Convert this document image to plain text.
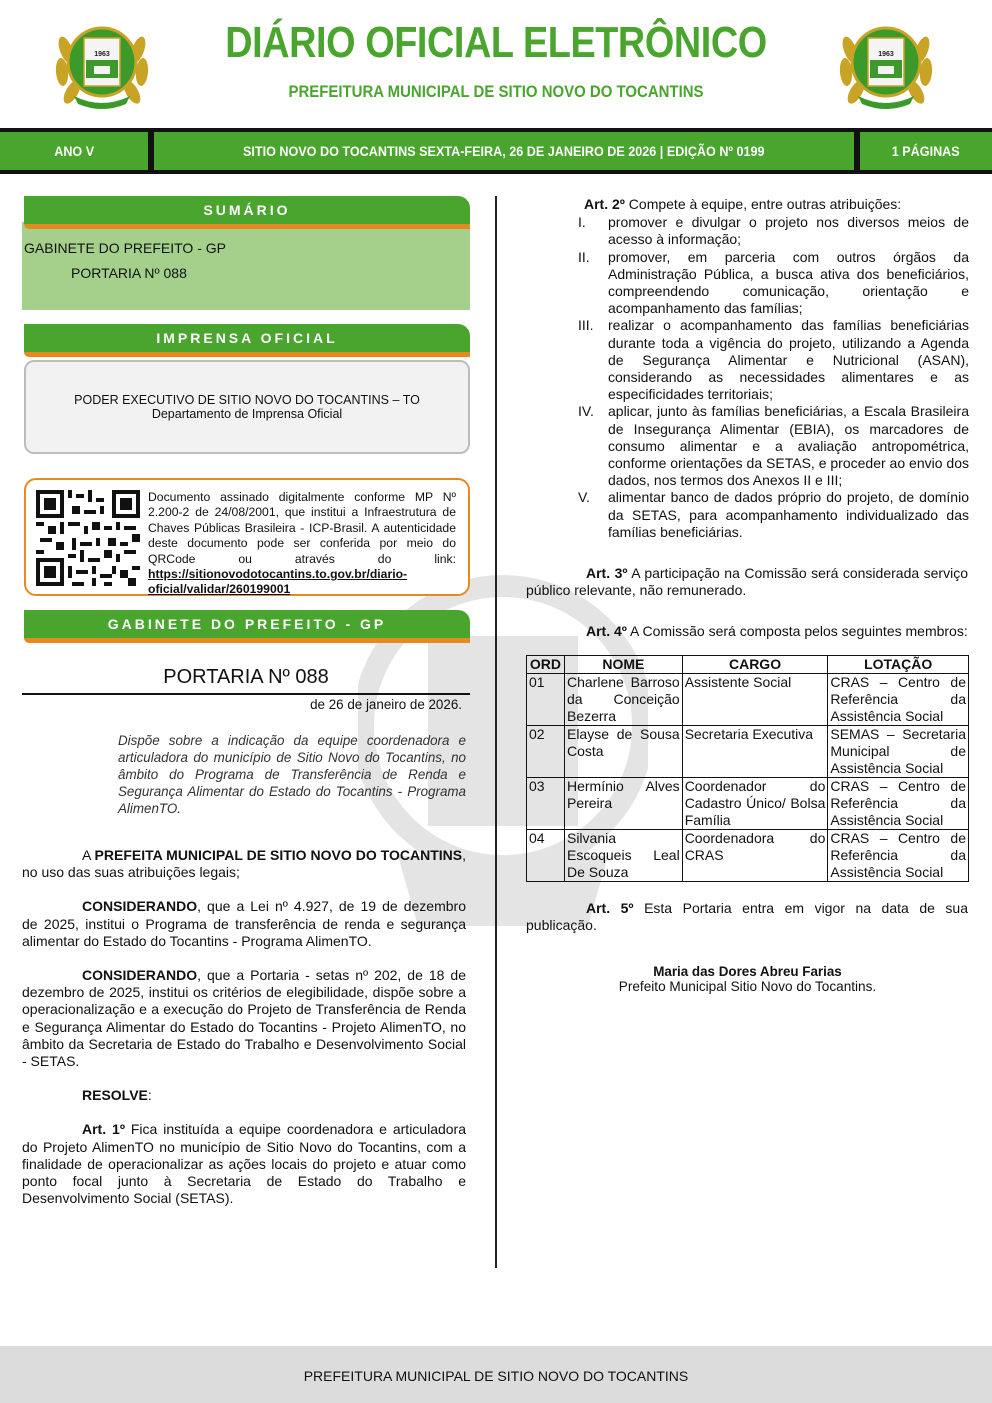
1963	1963
DIÁRIO OFICIAL ELETRÔNICO
PREFEITURA MUNICIPAL DE SITIO NOVO DO TOCANTINS
ANO V	SITIO NOVO DO TOCANTINS SEXTA-FEIRA, 26 DE JANEIRO DE 2026 | EDIÇÃO Nº 0199	1 PÁGINAS
SUMÁRIO
GABINETE DO PREFEITO - GP
PORTARIA Nº 088
IMPRENSA OFICIAL
PODER EXECUTIVO DE SITIO NOVO DO TOCANTINS – TO
Departamento de Imprensa Oficial
Documento assinado digitalmente conforme MP Nº 2.200-2 de 24/08/2001, que institui a Infraestrutura de Chaves Públicas Brasileira - ICP-Brasil. A autenticidade deste documento pode ser conferida por meio do QRCode ou através do link: https://sitionovodotocantins.to.gov.br/diario-oficial/validar/260199001
GABINETE DO PREFEITO - GP
PORTARIA Nº 088
de 26 de janeiro de 2026.
Dispõe sobre a indicação da equipe coordenadora e articuladora do município de Sitio Novo do Tocantins, no âmbito do Programa de Transferência de Renda e Segurança Alimentar do Estado do Tocantins - Programa AlimenTO.

A PREFEITA MUNICIPAL DE SITIO NOVO DO TOCANTINS, no uso das suas atribuições legais;

CONSIDERANDO, que a Lei nº 4.927, de 19 de dezembro de 2025, institui o Programa de transferência de renda e segurança alimentar do Estado do Tocantins - Programa AlimenTO.

CONSIDERANDO, que a Portaria - setas nº 202, de 18 de dezembro de 2025, institui os critérios de elegibilidade, dispõe sobre a operacionalização e a execução do Projeto de Transferência de Renda e Segurança Alimentar do Estado do Tocantins - Projeto AlimenTO, no âmbito da Secretaria de Estado do Trabalho e Desenvolvimento Social - SETAS.

RESOLVE:

Art. 1º Fica instituída a equipe coordenadora e articuladora do Projeto AlimenTO no município de Sitio Novo do Tocantins, com a finalidade de operacionalizar as ações locais do projeto e atuar como ponto focal junto à Secretaria de Estado do Trabalho e Desenvolvimento Social (SETAS).

Art. 2º Compete à equipe, entre outras atribuições:

I. promover e divulgar o projeto nos diversos meios de acesso à informação;
II. promover, em parceria com outros órgãos da Administração Pública, a busca ativa dos beneficiários, compreendendo comunicação, orientação e acompanhamento das famílias;
III. realizar o acompanhamento das famílias beneficiárias durante toda a vigência do projeto, utilizando a Agenda de Segurança Alimentar e Nutricional (ASAN), considerando as necessidades alimentares e as especificidades territoriais;
IV. aplicar, junto às famílias beneficiárias, a Escala Brasileira de Insegurança Alimentar (EBIA), os marcadores de consumo alimentar e a avaliação antropométrica, conforme orientações da SETAS, e proceder ao envio dos dados, nos termos dos Anexos II e III;
V. alimentar banco de dados próprio do projeto, de domínio da SETAS, para acompanhamento individualizado das famílias beneficiárias.

Art. 3º A participação na Comissão será considerada serviço público relevante, não remunerado.

Art. 4º A Comissão será composta pelos seguintes membros:

ORD	NOME	CARGO	LOTAÇÃO
01	Charlene Barroso da Conceição Bezerra	Assistente Social	CRAS – Centro de Referência da Assistência Social
02	Elayse de Sousa Costa	Secretaria Executiva	SEMAS – Secretaria Municipal de Assistência Social
03	Hermínio Alves Pereira	Coordenador do Cadastro Único/ Bolsa Família	CRAS – Centro de Referência da Assistência Social
04	Silvania Escoqueis Leal De Souza	Coordenadora do CRAS	CRAS – Centro de Referência da Assistência Social

Art. 5º Esta Portaria entra em vigor na data de sua publicação.

Maria das Dores Abreu Farias
Prefeito Municipal Sitio Novo do Tocantins.
PREFEITURA MUNICIPAL DE SITIO NOVO DO TOCANTINS
